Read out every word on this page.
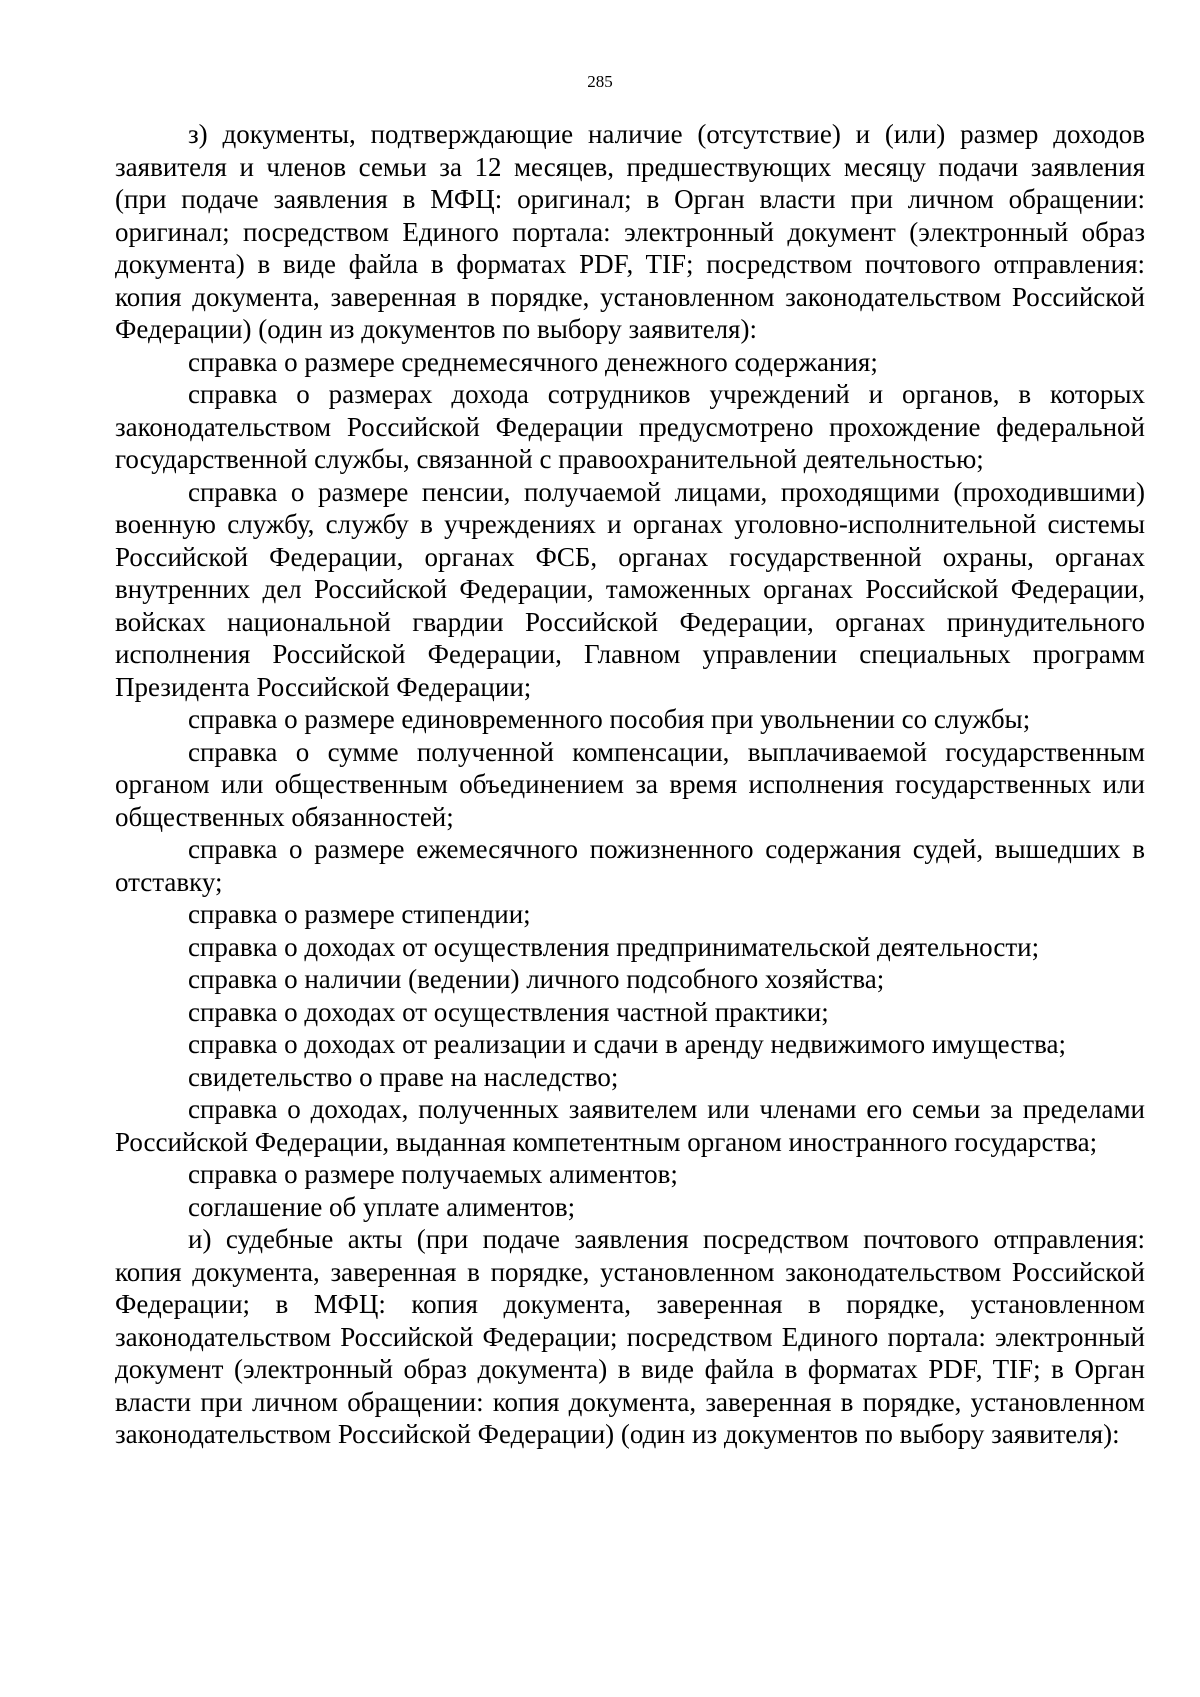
285

з) документы, подтверждающие наличие (отсутствие) и (или) размер доходов заявителя и членов семьи за 12 месяцев, предшествующих месяцу подачи заявления (при подаче заявления в МФЦ: оригинал; в Орган власти при личном обращении: оригинал; посредством Единого портала: электронный документ (электронный образ документа) в виде файла в форматах PDF, TIF; посредством почтового отправления: копия документа, заверенная в порядке, установленном законодательством Российской Федерации) (один из документов по выбору заявителя):

справка о размере среднемесячного денежного содержания;

справка о размерах дохода сотрудников учреждений и органов, в которых законодательством Российской Федерации предусмотрено прохождение федеральной государственной службы, связанной с правоохранительной деятельностью;

справка о размере пенсии, получаемой лицами, проходящими (проходившими) военную службу, службу в учреждениях и органах уголовно-исполнительной системы Российской Федерации, органах ФСБ, органах государственной охраны, органах внутренних дел Российской Федерации, таможенных органах Российской Федерации, войсках национальной гвардии Российской Федерации, органах принудительного исполнения Российской Федерации, Главном управлении специальных программ Президента Российской Федерации;

справка о размере единовременного пособия при увольнении со службы;

справка о сумме полученной компенсации, выплачиваемой государственным органом или общественным объединением за время исполнения государственных или общественных обязанностей;

справка о размере ежемесячного пожизненного содержания судей, вышедших в отставку;

справка о размере стипендии;

справка о доходах от осуществления предпринимательской деятельности;

справка о наличии (ведении) личного подсобного хозяйства;

справка о доходах от осуществления частной практики;

справка о доходах от реализации и сдачи в аренду недвижимого имущества;

свидетельство о праве на наследство;

справка о доходах, полученных заявителем или членами его семьи за пределами Российской Федерации, выданная компетентным органом иностранного государства;

справка о размере получаемых алиментов;

соглашение об уплате алиментов;

и) судебные акты (при подаче заявления посредством почтового отправления: копия документа, заверенная в порядке, установленном законодательством Российской Федерации; в МФЦ: копия документа, заверенная в порядке, установленном законодательством Российской Федерации; посредством Единого портала: электронный документ (электронный образ документа) в виде файла в форматах PDF, TIF; в Орган власти при личном обращении: копия документа, заверенная в порядке, установленном законодательством Российской Федерации) (один из документов по выбору заявителя):
